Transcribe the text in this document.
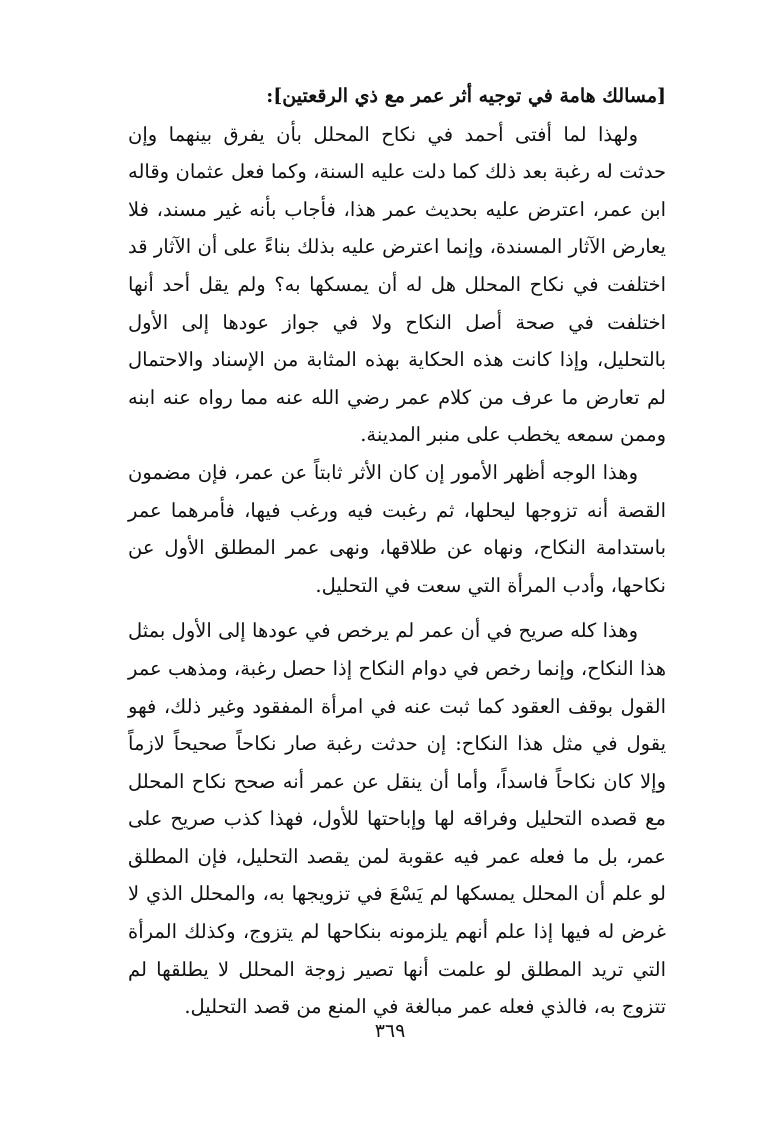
[مسالك هامة في توجيه أثر عمر مع ذي الرقعتين]:

ولهذا لما أفتى أحمد في نكاح المحلل بأن يفرق بينهما وإن حدثت له رغبة بعد ذلك كما دلت عليه السنة، وكما فعل عثمان وقاله ابن عمر، اعترض عليه بحديث عمر هذا، فأجاب بأنه غير مسند، فلا يعارض الآثار المسندة، وإنما اعترض عليه بذلك بناءً على أن الآثار قد اختلفت في نكاح المحلل هل له أن يمسكها به؟ ولم يقل أحد أنها اختلفت في صحة أصل النكاح ولا في جواز عودها إلى الأول بالتحليل، وإذا كانت هذه الحكاية بهذه المثابة من الإسناد والاحتمال لم تعارض ما عرف من كلام عمر رضي الله عنه مما رواه عنه ابنه وممن سمعه يخطب على منبر المدينة.

وهذا الوجه أظهر الأمور إن كان الأثر ثابتاً عن عمر، فإن مضمون القصة أنه تزوجها ليحلها، ثم رغبت فيه ورغب فيها، فأمرهما عمر باستدامة النكاح، ونهاه عن طلاقها، ونهى عمر المطلق الأول عن نكاحها، وأدب المرأة التي سعت في التحليل.

وهذا كله صريح في أن عمر لم يرخص في عودها إلى الأول بمثل هذا النكاح، وإنما رخص في دوام النكاح إذا حصل رغبة، ومذهب عمر القول بوقف العقود كما ثبت عنه في امرأة المفقود وغير ذلك، فهو يقول في مثل هذا النكاح: إن حدثت رغبة صار نكاحاً صحيحاً لازماً وإلا كان نكاحاً فاسداً، وأما أن ينقل عن عمر أنه صحح نكاح المحلل مع قصده التحليل وفراقه لها وإباحتها للأول، فهذا كذب صريح على عمر، بل ما فعله عمر فيه عقوبة لمن يقصد التحليل، فإن المطلق لو علم أن المحلل يمسكها لم يَسْعَ في تزويجها به، والمحلل الذي لا غرض له فيها إذا علم أنهم يلزمونه بنكاحها لم يتزوج، وكذلك المرأة التي تريد المطلق لو علمت أنها تصير زوجة المحلل لا يطلقها لم تتزوج به، فالذي فعله عمر مبالغة في المنع من قصد التحليل.

٣٦٩
